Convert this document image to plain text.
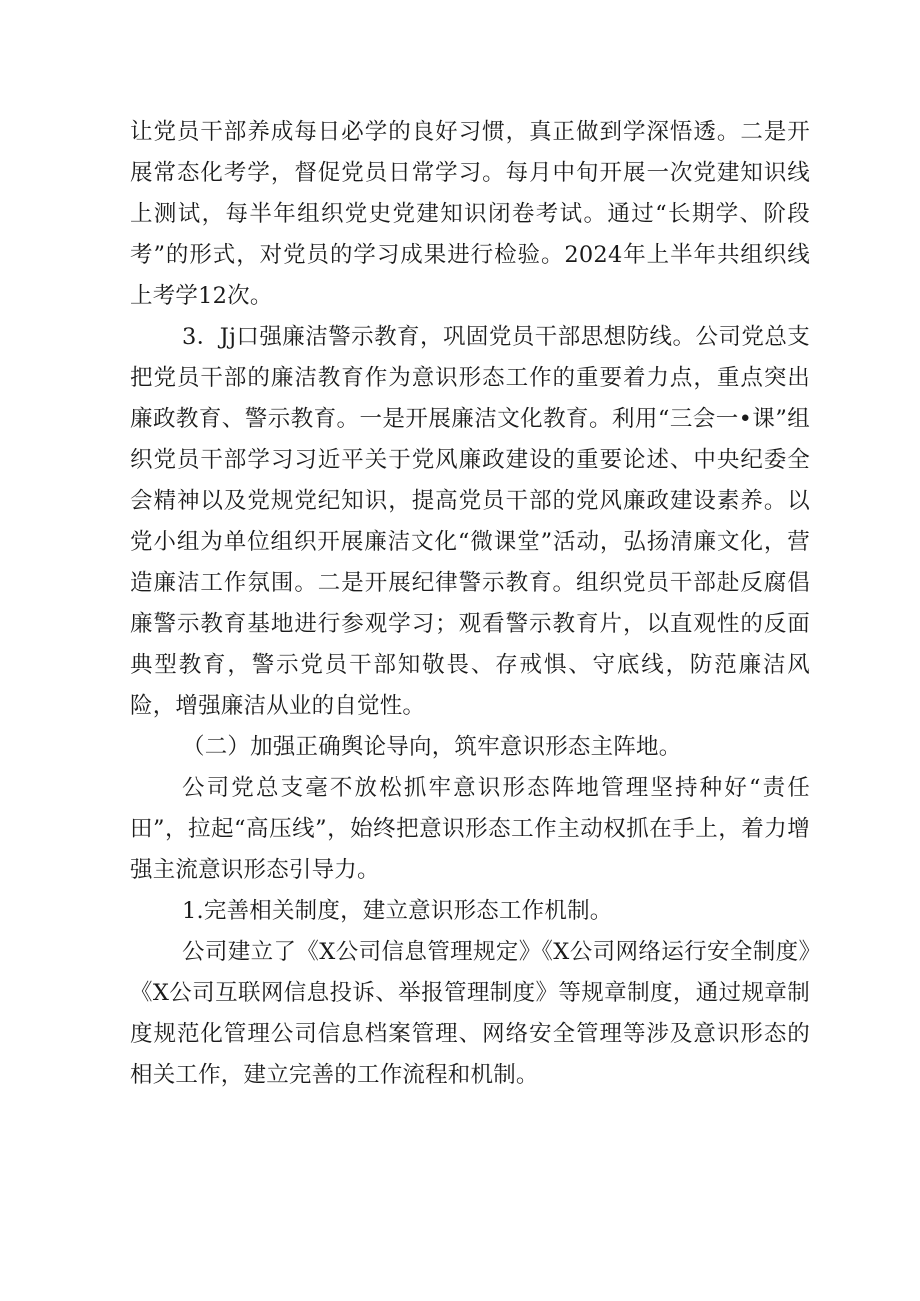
让党员干部养成每日必学的良好习惯，真正做到学深悟透。二是开展常态化考学，督促党员日常学习。每月中旬开展一次党建知识线上测试，每半年组织党史党建知识闭卷考试。通过“长期学、阶段考”的形式，对党员的学习成果进行检验。2024年上半年共组织线上考学12次。

3．Jj口强廉洁警示教育，巩固党员干部思想防线。公司党总支把党员干部的廉洁教育作为意识形态工作的重要着力点，重点突出廉政教育、警示教育。一是开展廉洁文化教育。利用“三会一•课”组织党员干部学习习近平关于党风廉政建设的重要论述、中央纪委全会精神以及党规党纪知识，提高党员干部的党风廉政建设素养。以党小组为单位组织开展廉洁文化“微课堂”活动，弘扬清廉文化，营造廉洁工作氛围。二是开展纪律警示教育。组织党员干部赴反腐倡廉警示教育基地进行参观学习；观看警示教育片，以直观性的反面典型教育，警示党员干部知敬畏、存戒惧、守底线，防范廉洁风险，增强廉洁从业的自觉性。

（二）加强正确舆论导向，筑牢意识形态主阵地。

公司党总支毫不放松抓牢意识形态阵地管理坚持种好“责任田”，拉起“高压线”，始终把意识形态工作主动权抓在手上，着力增强主流意识形态引导力。

1.完善相关制度，建立意识形态工作机制。

公司建立了《X公司信息管理规定》《X公司网络运行安全制度》《X公司互联网信息投诉、举报管理制度》等规章制度，通过规章制度规范化管理公司信息档案管理、网络安全管理等涉及意识形态的相关工作，建立完善的工作流程和机制。
